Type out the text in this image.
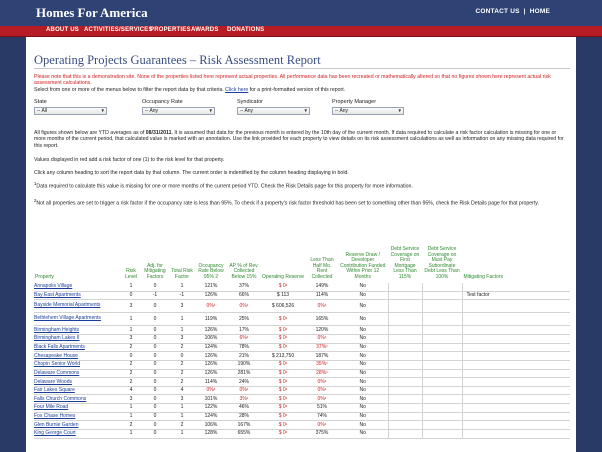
Homes For America	CONTACT US | HOME
ABOUT US ACTIVITIES/SERVICES
PROPERTIES AWARDS DONATIONS
Operating Projects Guarantees – Risk Assessment Report
Please note that this is a demonstration site. None of the properties listed here represent actual properties. All performance data has been recreated or mathematically altered so that no figures shown here represent actual risk assessment calculations.
Select from one or more of the menus below to filter the report data by that criteria. Click here for a print-formatted version of this report.
State
-- All	▼
Occupancy Rate
-- Any	▼
Syndicator
-- Any	▼
Property Manager
-- Any	▼
All figures shown below are YTD averages as of 08/31/2011. It is assumed that data for the previous month is entered by the 10th day of the current month. If data required to calculate a risk factor calculation is missing for one or more months of the current period, that calculated value is marked with an annotation. Use the link provided for each property to view details on its risk assessment calculations as well as information on any missing data required for this report.
Values displayed in red add a risk factor of one (1) to the risk level for that property.
Click any column heading to sort the report data by that column. The current order is indentified by the column heading displaying in bold.
$^1$Data required to calculate this value is missing for one or more months of the current period YTD. Check the Risk Details page for this property for more information.
$^2$Not all properties are set to trigger a risk factor if the occupancy rate is less than 95%. To check if a property's risk factor threshold has been set to something other than 95%, check the Risk Details page for that property.
Property	Risk Level	Adj. for Mitigating Factors	Total Risk Factor	Occupancy Rate Below 95% 2	AP % of Rev. Collected Below 15%	Operating Reserve	Less Than Half Mo. Rent Collected	Reserve Draw / Developer Contribution Funded Within Prior 12 Months	Debt Service Coverage on First Mortgage Less Than 115%	Debt Service Coverage on Must Pay Subordinate Debt Less Than 100%	Mitigating Factors
Annapolis Village	1	0	1	121%	37%	$ 0¹	149%	No			
Bay East Apartments	0	-1	-1	126%	66%	$ 113	114%	No			Test factor
Bayside Memorial Apartments	3	0	3	0%¹	0%¹	$ 606,526	0%¹	No			
Bethlehem Village Apartments	1	0	1	119%	25%	$ 0¹	165%	No			
Birmingham Heights	1	0	1	126%	17%	$ 0¹	120%	No			
Birmingham Lakes II	3	0	3	106%	6%¹	$ 0¹	0%¹	No			
Black Falls Apartments	2	0	2	124%	78%	$ 0¹	37%¹	No			
Chesapeake House	0	0	0	126%	21%	$ 213,750	187%	No			
Chopin Senior World	2	0	2	126%	190%	$ 0¹	35%¹	No			
Delaware Commons	2	0	2	126%	281%	$ 0¹	28%¹	No			
Delaware Woods	2	0	2	114%	24%	$ 0¹	0%¹	No			
Fair Lakes Square	4	0	4	0%¹	0%¹	$ 0¹	0%¹	No			
Falls Church Commons	3	0	3	101%	3%¹	$ 0¹	0%¹	No			
Four Mile Road	1	0	1	122%	46%	$ 0¹	51%	No			
Fox Chase Homes	1	0	1	124%	28%	$ 0¹	74%	No			
Glen Burnie Garden	2	0	2	106%	167%	$ 0¹	0%¹	No			
King George Court	1	0	1	128%	655%	$ 0¹	375%	No			
